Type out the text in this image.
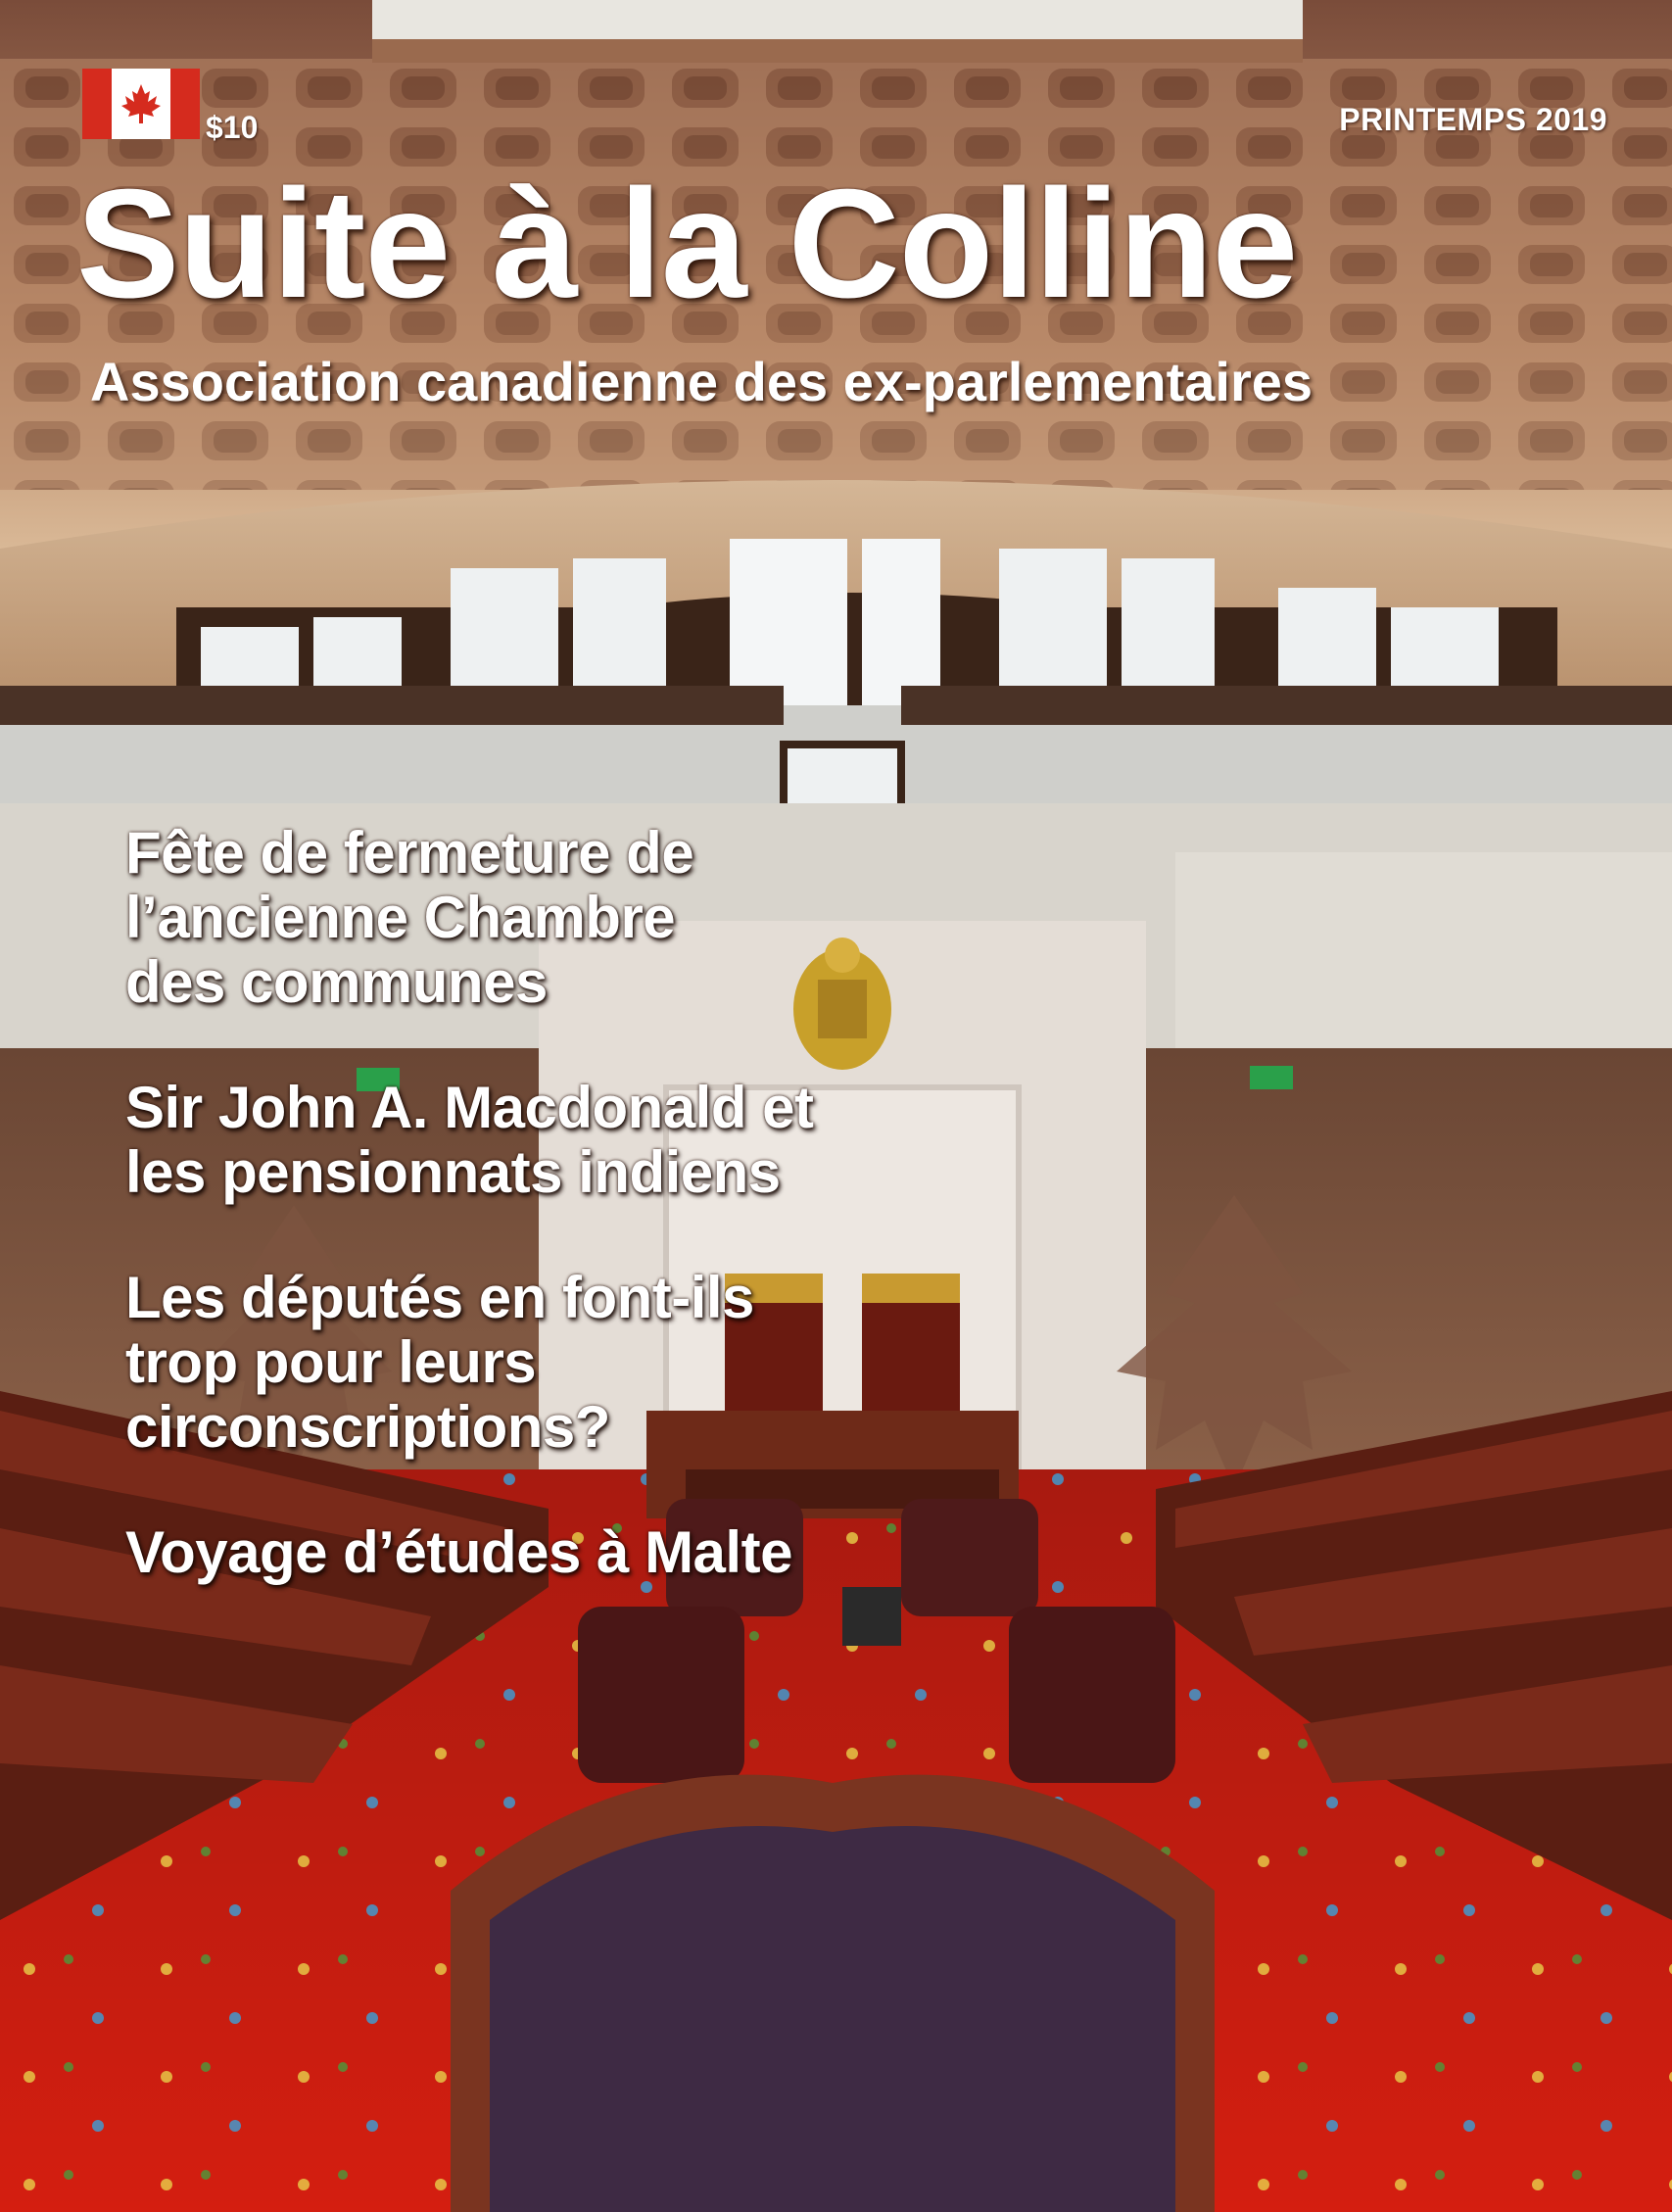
$10	PRINTEMPS 2019
Suite à la Colline
Association canadienne des ex-parlementaires
Fête de fermeture de
l’ancienne Chambre
des communes
Sir John A. Macdonald et
les pensionnats indiens
Les députés en font-ils
trop pour leurs
circonscriptions?
Voyage d’études à Malte
